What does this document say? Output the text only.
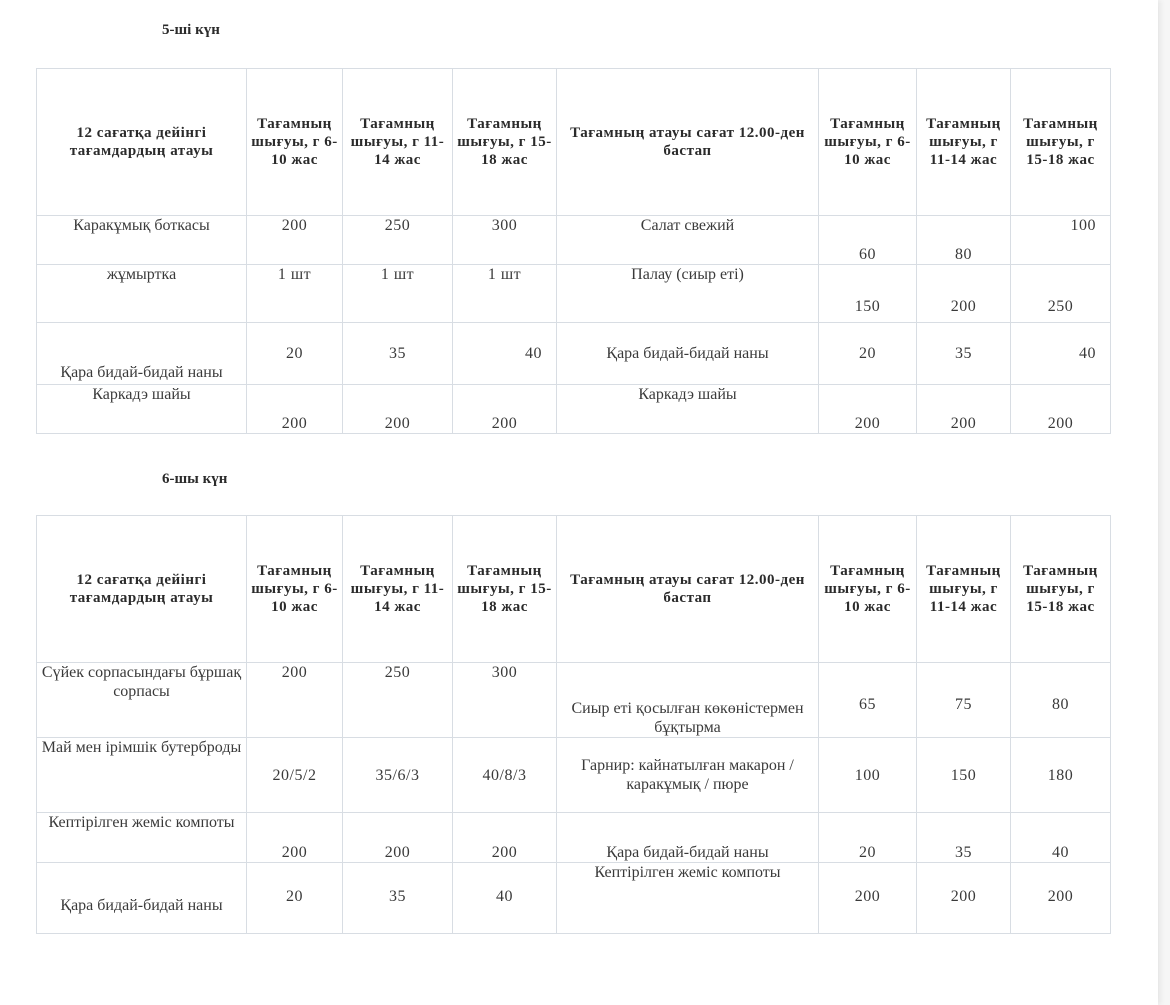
5-ші күн
12 сағатқа дейінгі тағамдардың атауы	Тағамның шығуы, г 6-10 жас	Тағамның шығуы, г 11-14 жас	Тағамның шығуы, г 15-18 жас	Тағамның атауы сағат 12.00-ден бастап	Тағамның шығуы, г 6-10 жас	Тағамның шығуы, г 11-14 жас	Тағамның шығуы, г 15-18 жас
Каракұмық боткасы	200	250	300	Салат свежий	60	80	100
жұмыртка	1 шт	1 шт	1 шт	Палау (сиыр еті)	150	200	250
Қара бидай-бидай наны	20	35	40	Қара бидай-бидай наны	20	35	40
Каркадэ шайы	200	200	200	Каркадэ шайы	200	200	200
6-шы күн
12 сағатқа дейінгі тағамдардың атауы	Тағамның шығуы, г 6-10 жас	Тағамның шығуы, г 11-14 жас	Тағамның шығуы, г 15-18 жас	Тағамның атауы сағат 12.00-ден бастап	Тағамның шығуы, г 6-10 жас	Тағамның шығуы, г 11-14 жас	Тағамның шығуы, г 15-18 жас
Сүйек сорпасындағы бұршақ сорпасы	200	250	300	Сиыр еті қосылған көкөністермен бұқтырма	65	75	80
Май мен ірімшік бутерброды	20/5/2	35/6/3	40/8/3	Гарнир: кайнатылған макарон / каракұмық / пюре	100	150	180
Кептірілген жеміс компоты	200	200	200	Қара бидай-бидай наны	20	35	40
Қара бидай-бидай наны	20	35	40	Кептірілген жеміс компоты	200	200	200
